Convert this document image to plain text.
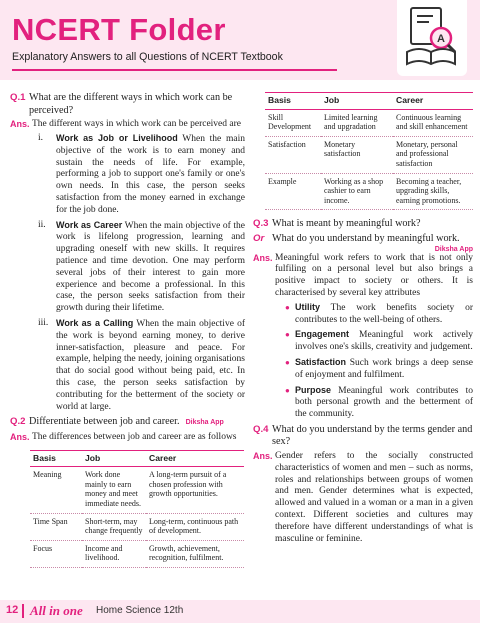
NCERT Folder
Explanatory Answers to all Questions of NCERT Textbook
A
Q.1 What are the different ways in which work can be perceived?
Ans. The different ways in which work can be perceived are
i.	Work as Job or Livelihood When the main objective of the work is to earn money and sustain the needs of life. For example, performing a job to support one's family or one's own needs. In this case, the person seeks satisfaction from the money earned in exchange for the job done.
ii.	Work as Career When the main objective of the work is lifelong progression, learning and upgrading oneself with new skills. It requires patience and time devotion. One may perform several jobs of their interest to gain more experience and become a professional. In this case, the person seeks satisfaction from their growth during their lifetime.
iii. Work as a Calling When the main objective of the work is beyond earning money, to derive inner-satisfaction, pleasure and peace. For example, helping the needy, joining organisations that do social good without being paid, etc. In this case, the person seeks satisfaction by contributing for the betterment of the society or world at large.
Q.2 Differentiate between job and career. Diksha App
Ans. The differences between job and career are as follows
Basis	Job	Career
Meaning	Work done mainly to earn money and meet immediate needs.	A long-term pursuit of a chosen profession with growth opportunities.
Time Span	Short-term, may change frequently	Long-term, continuous path of development.
Focus	Income and livelihood.	Growth, achievement, recognition, fulfilment.
Basis	Job	Career
Skill Development	Limited learning and upgradation	Continuous learning and skill enhancement
Satisfaction	Monetary satisfaction	Monetary, personal and professional satisfaction
Example	Working as a shop cashier to earn income.	Becoming a teacher, upgrading skills, earning promotions.
Q.3 What is meant by meaningful work?
Or What do you understand by meaningful work.
Diksha App
Ans. Meaningful work refers to work that is not only fulfiling on a personal level but also brings a positive impact to society or others. It is characterised by several key attributes
● Utility The work benefits society or contributes to the well-being of others.
● Engagement Meaningful work actively involves one's skills, creativity and judgement.
● Satisfaction Such work brings a deep sense of enjoyment and fulfilment.
● Purpose Meaningful work contributes to both personal growth and the betterment of the community.
Q.4 What do you understand by the terms gender and sex?
Ans. Gender refers to the socially constructed characteristics of women and men – such as norms, roles and relationships between groups of women and men. Gender determines what is expected, allowed and valued in a woman or a man in a given context. Different societies and cultures may therefore have different understandings of what is masculine or feminine.
12 All in one Home Science 12th
